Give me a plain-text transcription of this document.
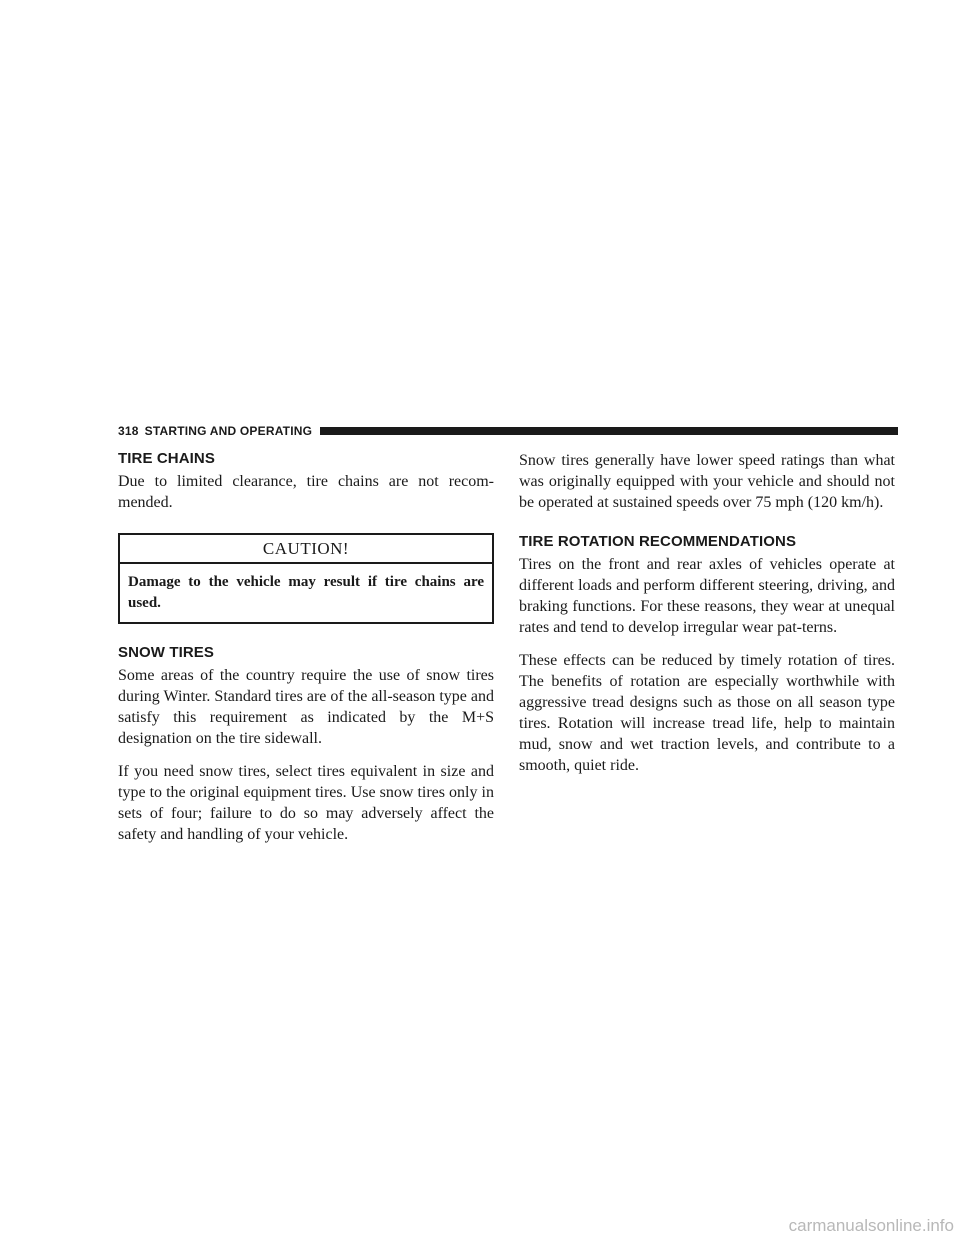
318 STARTING AND OPERATING
TIRE CHAINS

Due to limited clearance, tire chains are not recom-mended.

CAUTION!

Damage to the vehicle may result if tire chains are used.

SNOW TIRES

Some areas of the country require the use of snow tires during Winter. Standard tires are of the all-season type and satisfy this requirement as indicated by the M+S designation on the tire sidewall.

If you need snow tires, select tires equivalent in size and type to the original equipment tires. Use snow tires only in sets of four; failure to do so may adversely affect the safety and handling of your vehicle.

Snow tires generally have lower speed ratings than what was originally equipped with your vehicle and should not be operated at sustained speeds over 75 mph (120 km/h).

TIRE ROTATION RECOMMENDATIONS

Tires on the front and rear axles of vehicles operate at different loads and perform different steering, driving, and braking functions. For these reasons, they wear at unequal rates and tend to develop irregular wear pat-terns.

These effects can be reduced by timely rotation of tires. The benefits of rotation are especially worthwhile with aggressive tread designs such as those on all season type tires. Rotation will increase tread life, help to maintain mud, snow and wet traction levels, and contribute to a smooth, quiet ride.

carmanualsonline.info
